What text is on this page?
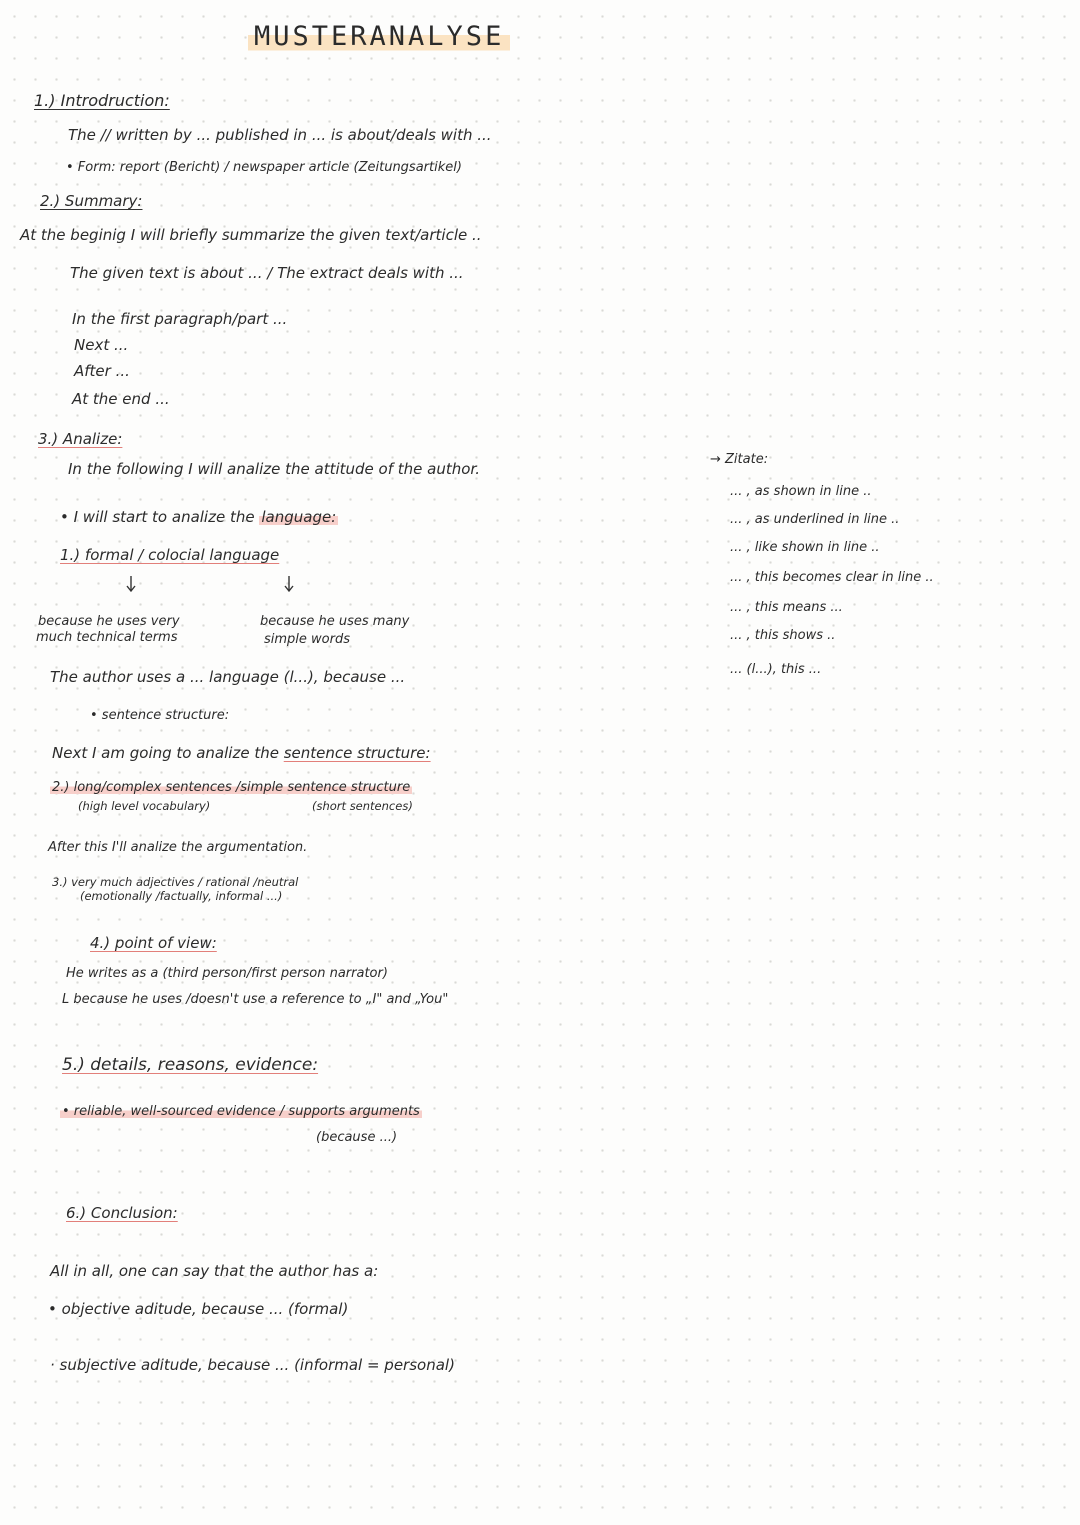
MUSTERANALYSE
1.) Introdruction:
The // written by ... published in ... is about/deals with ...
• Form: report (Bericht) / newspaper article (Zeitungsartikel)
2.) Summary:
At the beginig I will briefly summarize the given text/article ..
The given text is about ... / The extract deals with ...
In the first paragraph/part ...
Next ...
After ...
At the end ...
3.) Analize:
In the following I will analize the attitude of the author.
• I will start to analize the language:
1.) formal / colocial language
because he uses very
much technical terms
because he uses many
simple words
The author uses a ... language (l...), because ...
• sentence structure:
Next I am going to analize the sentence structure:
2.) long/complex sentences /simple sentence structure
(high level vocabulary)	(short sentences)
After this I'll analize the argumentation.
3.) very much adjectives / rational /neutral
(emotionally /factually, informal ...)
4.) point of view:
He writes as a (third person/first person narrator)
L because he uses /doesn't use a reference to „I" and „You"
5.) details, reasons, evidence:
• reliable, well-sourced evidence / supports arguments
(because ...)
6.) Conclusion:
All in all, one can say that the author has a:
• objective aditude, because ... (formal)
· subjective aditude, because ... (informal = personal)
→ Zitate:
... , as shown in line ..
... , as underlined in line ..
... , like shown in line ..
... , this becomes clear in line ..
... , this means ...
... , this shows ..
... (l...), this ...
